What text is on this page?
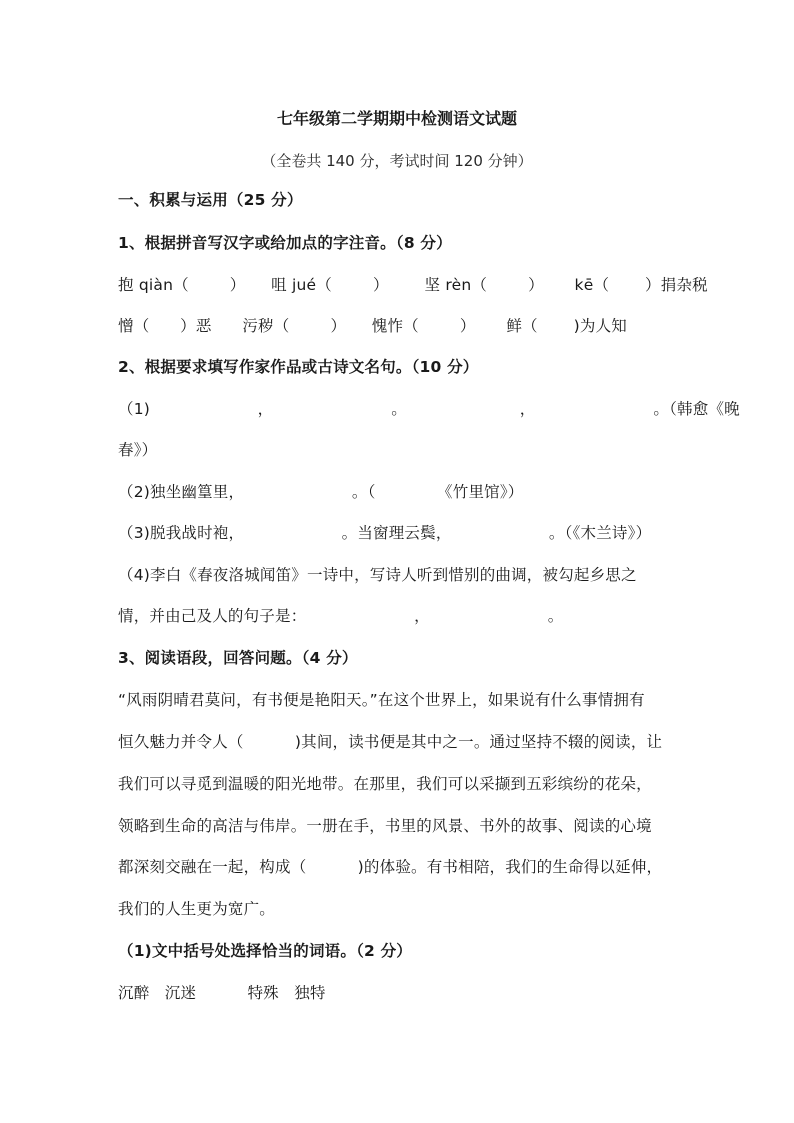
七年级第二学期期中检测语文试题
（全卷共 140 分，考试时间 120 分钟）
一、积累与运用（25 分）
1、根据拼音写汉字或给加点的字注音。（8 分）
抱 qiàn（        ）     咀 jué（        ）       坚 rèn（        ）      kē（       ）捐杂税
憎（      ）恶      污秽（        ）     愧怍（        ）      鲜（       )为人知
2、根据要求填写作家作品或古诗文名句。（10 分）
（1)                     ，                       。                      ，                       。（韩愈《晚
春》）
（2)独坐幽篁里，                     。（            《竹里馆》）
（3)脱我战时袍，                   。当窗理云鬓，                   。（《木兰诗》）
（4)李白《春夜洛城闻笛》一诗中，写诗人听到惜别的曲调，被勾起乡思之
情，并由己及人的句子是：                     ，                       。
3、阅读语段，回答问题。（4 分）
“风雨阴晴君莫问，有书便是艳阳天。”在这个世界上，如果说有什么事情拥有
恒久魅力并令人（          )其间，读书便是其中之一。通过坚持不辍的阅读，让
我们可以寻觅到温暖的阳光地带。在那里，我们可以采撷到五彩缤纷的花朵，
领略到生命的高洁与伟岸。一册在手，书里的风景、书外的故事、阅读的心境
都深刻交融在一起，构成（          )的体验。有书相陪，我们的生命得以延伸，
我们的人生更为宽广。
（1)文中括号处选择恰当的词语。（2 分）
沉醉   沉迷          特殊   独特
